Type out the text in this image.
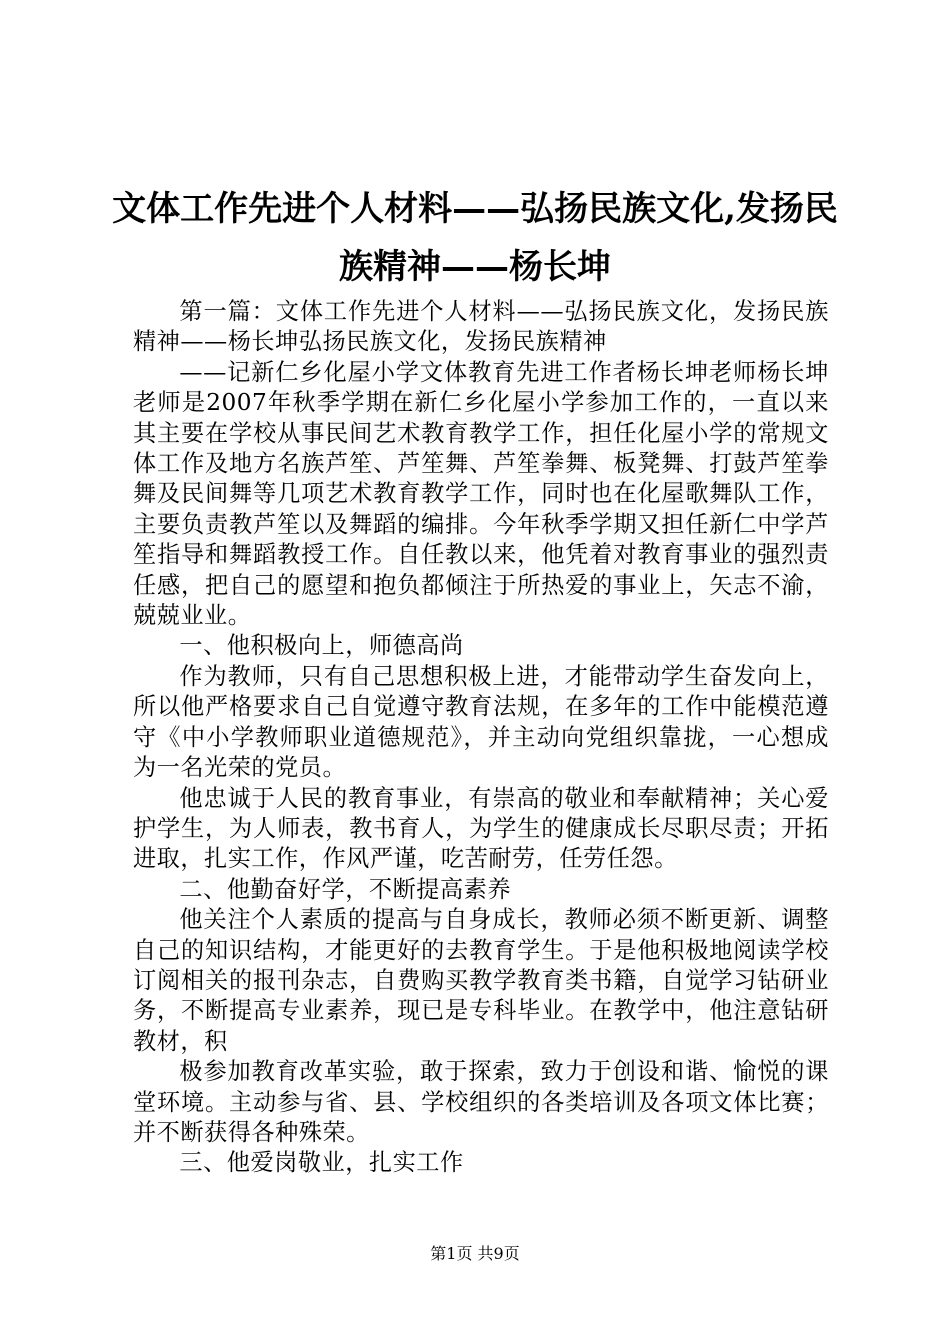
文体工作先进个人材料——弘扬民族文化,发扬民族精神——杨长坤

第一篇：文体工作先进个人材料——弘扬民族文化，发扬民族精神——杨长坤弘扬民族文化，发扬民族精神

——记新仁乡化屋小学文体教育先进工作者杨长坤老师杨长坤老师是2007年秋季学期在新仁乡化屋小学参加工作的，一直以来其主要在学校从事民间艺术教育教学工作，担任化屋小学的常规文体工作及地方名族芦笙、芦笙舞、芦笙拳舞、板凳舞、打鼓芦笙拳舞及民间舞等几项艺术教育教学工作，同时也在化屋歌舞队工作，主要负责教芦笙以及舞蹈的编排。今年秋季学期又担任新仁中学芦笙指导和舞蹈教授工作。自任教以来，他凭着对教育事业的强烈责任感，把自己的愿望和抱负都倾注于所热爱的事业上，矢志不渝，兢兢业业。

一、他积极向上，师德高尚

作为教师，只有自己思想积极上进，才能带动学生奋发向上，所以他严格要求自己自觉遵守教育法规，在多年的工作中能模范遵守《中小学教师职业道德规范》，并主动向党组织靠拢，一心想成为一名光荣的党员。

他忠诚于人民的教育事业，有崇高的敬业和奉献精神；关心爱护学生，为人师表，教书育人，为学生的健康成长尽职尽责；开拓进取，扎实工作，作风严谨，吃苦耐劳，任劳任怨。

二、他勤奋好学，不断提高素养

他关注个人素质的提高与自身成长，教师必须不断更新、调整自己的知识结构，才能更好的去教育学生。于是他积极地阅读学校订阅相关的报刊杂志，自费购买教学教育类书籍，自觉学习钻研业务，不断提高专业素养，现已是专科毕业。在教学中，他注意钻研教材，积

极参加教育改革实验，敢于探索，致力于创设和谐、愉悦的课堂环境。主动参与省、县、学校组织的各类培训及各项文体比赛；并不断获得各种殊荣。

三、他爱岗敬业，扎实工作

第1页 共9页
